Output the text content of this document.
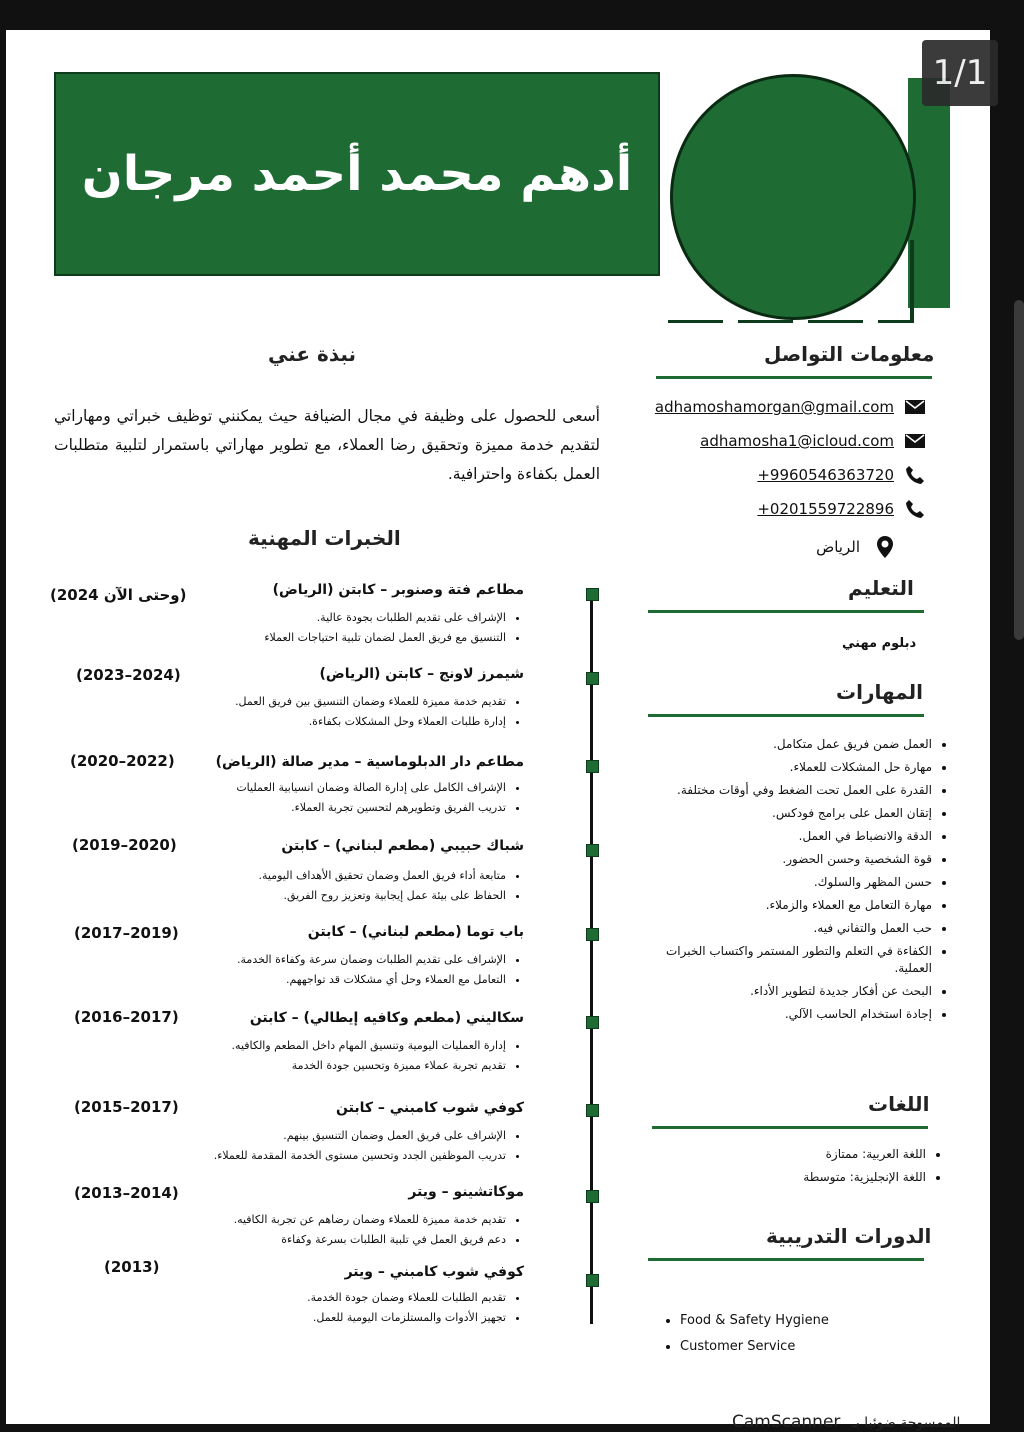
أدهم محمد أحمد مرجان
نبذة عني
أسعى للحصول على وظيفة في مجال الضيافة حيث يمكنني توظيف خبراتي ومهاراتي لتقديم خدمة مميزة وتحقيق رضا العملاء، مع تطوير مهاراتي باستمرار لتلبية متطلبات العمل بكفاءة واحترافية.
معلومات التواصل
adhamoshamorgan@gmail.com
adhamosha1@icloud.com
+9960546363720
+0201559722896
الرياض
التعليم
دبلوم مهني
المهارات
• العمل ضمن فريق عمل متكامل.
• مهارة حل المشكلات للعملاء.
• القدرة على العمل تحت الضغط وفي أوقات مختلفة.
• إتقان العمل على برامج فودكس.
• الدقة والانضباط في العمل.
• قوة الشخصية وحسن الحضور.
• حسن المظهر والسلوك.
• مهارة التعامل مع العملاء والزملاء.
• حب العمل والتفاني فيه.
• الكفاءة في التعلم والتطور المستمر واكتساب الخبرات العملية.
• البحث عن أفكار جديدة لتطوير الأداء.
• إجادة استخدام الحاسب الآلي.
اللغات
• اللغة العربية: ممتازة
• اللغة الإنجليزية: متوسطة
الدورات التدريبية
• Food & Safety Hygiene
• Customer Service
الخبرات المهنية
مطاعم فتة وصنوبر – كابتن (الرياض)
(2024 وحتى الآن)
• الإشراف على تقديم الطلبات بجودة عالية.
• التنسيق مع فريق العمل لضمان تلبية احتياجات العملاء
شيمرز لاونج – كابتن (الرياض)
(2023–2024)
• تقديم خدمة مميزة للعملاء وضمان التنسيق بين فريق العمل.
• إدارة طلبات العملاء وحل المشكلات بكفاءة.
مطاعم دار الدبلوماسية – مدير صالة (الرياض)
(2020–2022)
• الإشراف الكامل على إدارة الصالة وضمان انسيابية العمليات
• تدريب الفريق وتطويرهم لتحسين تجربة العملاء.
شباك حبيبي (مطعم لبناني) – كابتن
(2019–2020)
• متابعة أداء فريق العمل وضمان تحقيق الأهداف اليومية.
• الحفاظ على بيئة عمل إيجابية وتعزيز روح الفريق.
باب توما (مطعم لبناني) – كابتن
(2017–2019)
• الإشراف على تقديم الطلبات وضمان سرعة وكفاءة الخدمة.
• التعامل مع العملاء وحل أي مشكلات قد تواجههم.
سكاليني (مطعم وكافيه إيطالي) – كابتن
(2016–2017)
• إدارة العمليات اليومية وتنسيق المهام داخل المطعم والكافيه.
• تقديم تجربة عملاء مميزة وتحسين جودة الخدمة
كوفي شوب كامبني – كابتن
(2015–2017)
• الإشراف على فريق العمل وضمان التنسيق بينهم.
• تدريب الموظفين الجدد وتحسين مستوى الخدمة المقدمة للعملاء.
موكاتشينو – ويتر
(2013–2014)
• تقديم خدمة مميزة للعملاء وضمان رضاهم عن تجربة الكافيه.
• دعم فريق العمل في تلبية الطلبات بسرعة وكفاءة
كوفي شوب كامبني – ويتر
(2013)
• تقديم الطلبات للعملاء وضمان جودة الخدمة.
• تجهيز الأدوات والمستلزمات اليومية للعمل.
CamScanner الممسوحة ضوئيا بـ
1/1
